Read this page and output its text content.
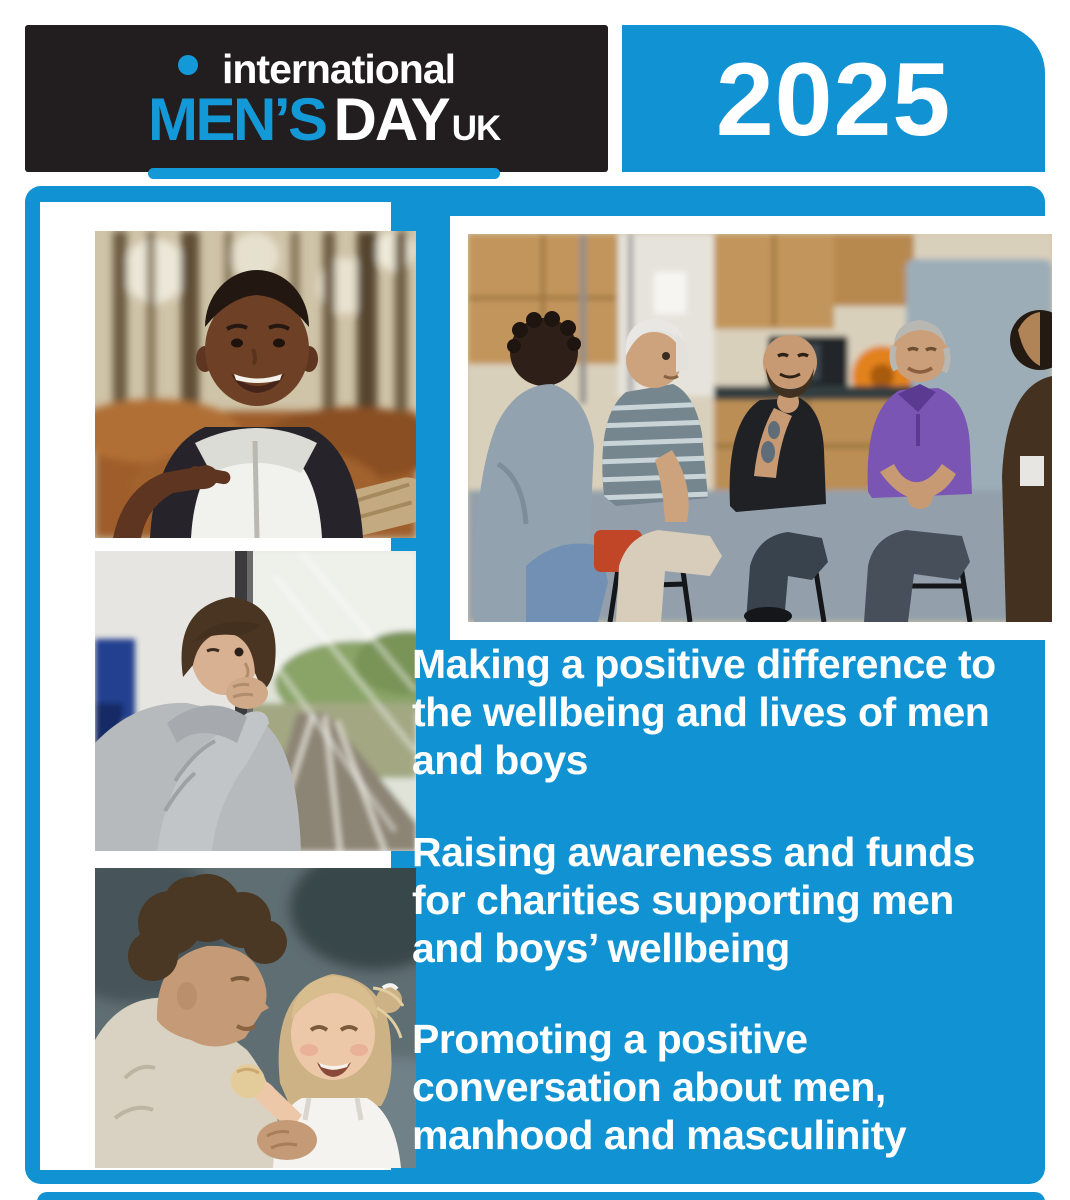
international
MEN’S DAYUK 2025
Making a positive difference to
the wellbeing and lives of men
and boys
Raising awareness and funds
for charities supporting men
and boys’ wellbeing
Promoting a positive
conversation about men,
manhood and masculinity
